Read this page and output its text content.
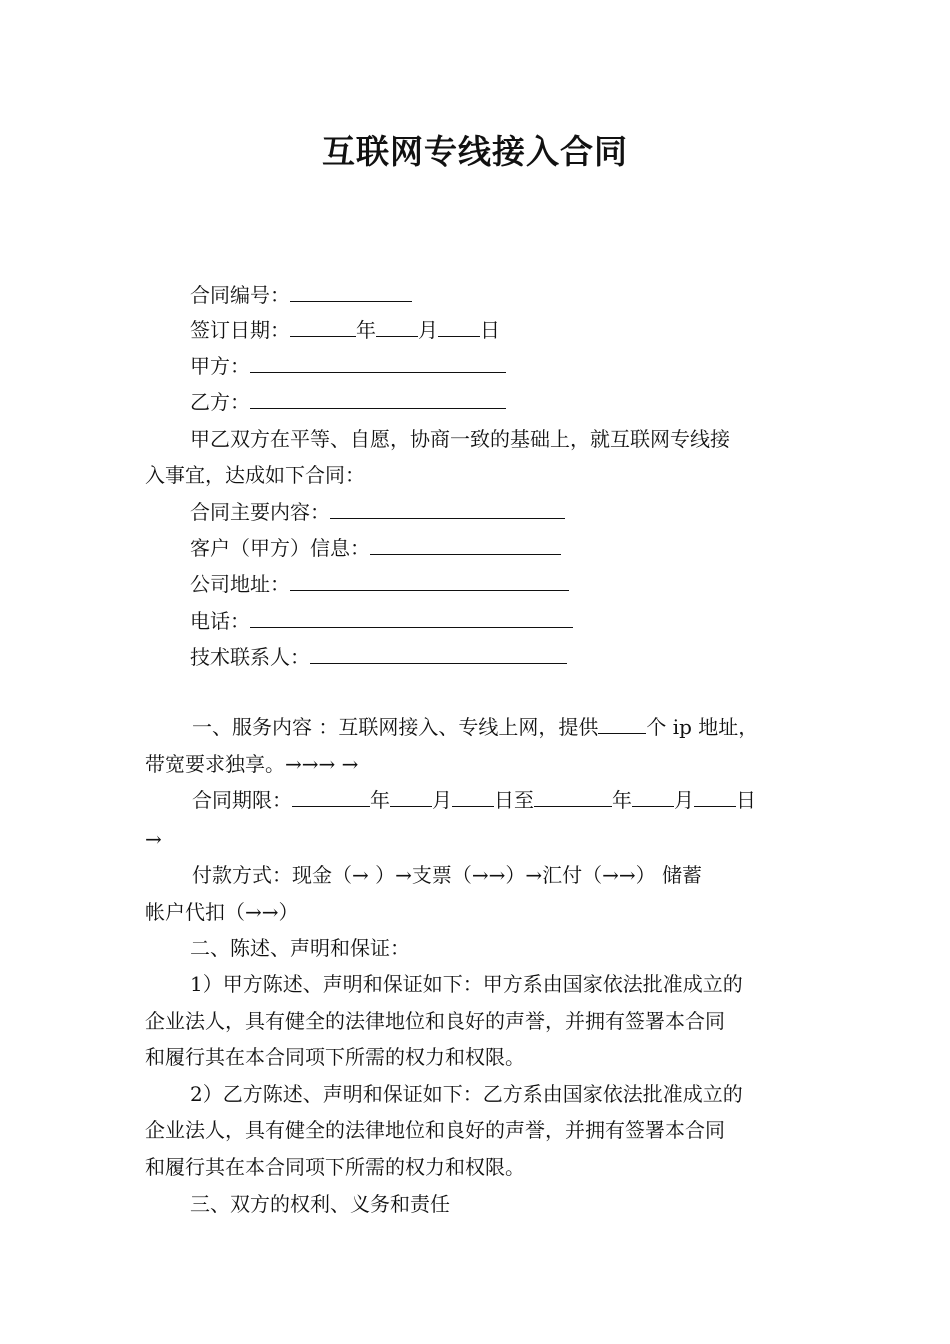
互联网专线接入合同
合同编号：
签订日期：	年 月 日
甲方：
乙方：
甲乙双方在平等、自愿，协商一致的基础上，就互联网专线接
入事宜，达成如下合同：
合同主要内容：
客户（甲方）信息：
公司地址：
电话：
技术联系人：
一、服务内容 ：互联网接入、专线上网，提供 个 ip 地址，
带宽要求独享。→→→ →
合同期限：	年 月 日至	年 月 日
→
付款方式：现金（→ ）→支票（→→）→汇付（→→） 储蓄
帐户代扣（→→）
二、陈述、声明和保证：
1）甲方陈述、声明和保证如下：甲方系由国家依法批准成立的
企业法人，具有健全的法律地位和良好的声誉，并拥有签署本合同
和履行其在本合同项下所需的权力和权限。
2）乙方陈述、声明和保证如下：乙方系由国家依法批准成立的
企业法人，具有健全的法律地位和良好的声誉，并拥有签署本合同
和履行其在本合同项下所需的权力和权限。
三、双方的权利、义务和责任
